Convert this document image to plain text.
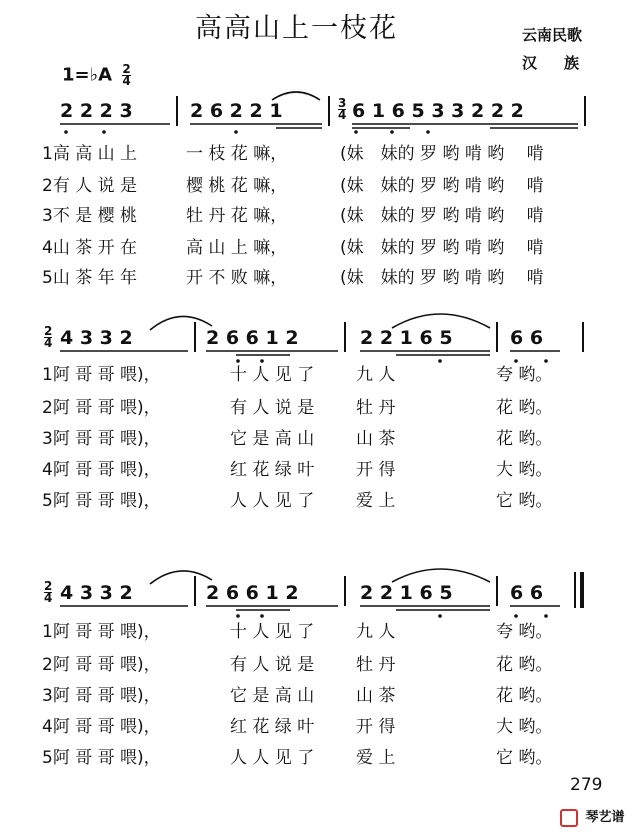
高高山上一枝花	云南民歌
汉　族
1=♭A $\frac{2}{4}$
2 2 2 3	2 6 2 2 1	$\frac{3}{4} 6$ 1 6 5 3 3 2 2 2
1高 高 山 上	一 枝 花 嘛，	(妹　妹的 罗 哟 啃 哟　 啃
2有 人 说 是	樱 桃 花 嘛，	(妹　妹的 罗 哟 啃 哟　 啃
3不 是 樱 桃	牡 丹 花 嘛，	(妹　妹的 罗 哟 啃 哟　 啃
4山 茶 开 在	高 山 上 嘛，	(妹　妹的 罗 哟 啃 哟　 啃
5山 茶 年 年	开 不 败 嘛，	(妹　妹的 罗 哟 啃 哟　 啃
$\frac{2}{4} 4$ 3 3 2	2 6 6 1 2	2 2 1 6 5	6 6
1阿 哥 哥 喂)，	十 人 见 了 九 人	夸 哟。
2阿 哥 哥 喂)，	有 人 说 是 牡 丹	花 哟。
3阿 哥 哥 喂)，	它 是 高 山 山 茶	花 哟。
4阿 哥 哥 喂)，	红 花 绿 叶 开 得	大 哟。
5阿 哥 哥 喂)，	人 人 见 了 爱 上	它 哟。
$\frac{2}{4} 4$ 3 3 2	2 6 6 1 2	2 2 1 6 5	6 6
1阿 哥 哥 喂)，	十 人 见 了 九 人	夸 哟。
2阿 哥 哥 喂)，	有 人 说 是 牡 丹	花 哟。
3阿 哥 哥 喂)，	它 是 高 山 山 茶	花 哟。
4阿 哥 哥 喂)，	红 花 绿 叶 开 得	大 哟。
5阿 哥 哥 喂)，	人 人 见 了 爱 上	它 哟。
279
琴艺谱
